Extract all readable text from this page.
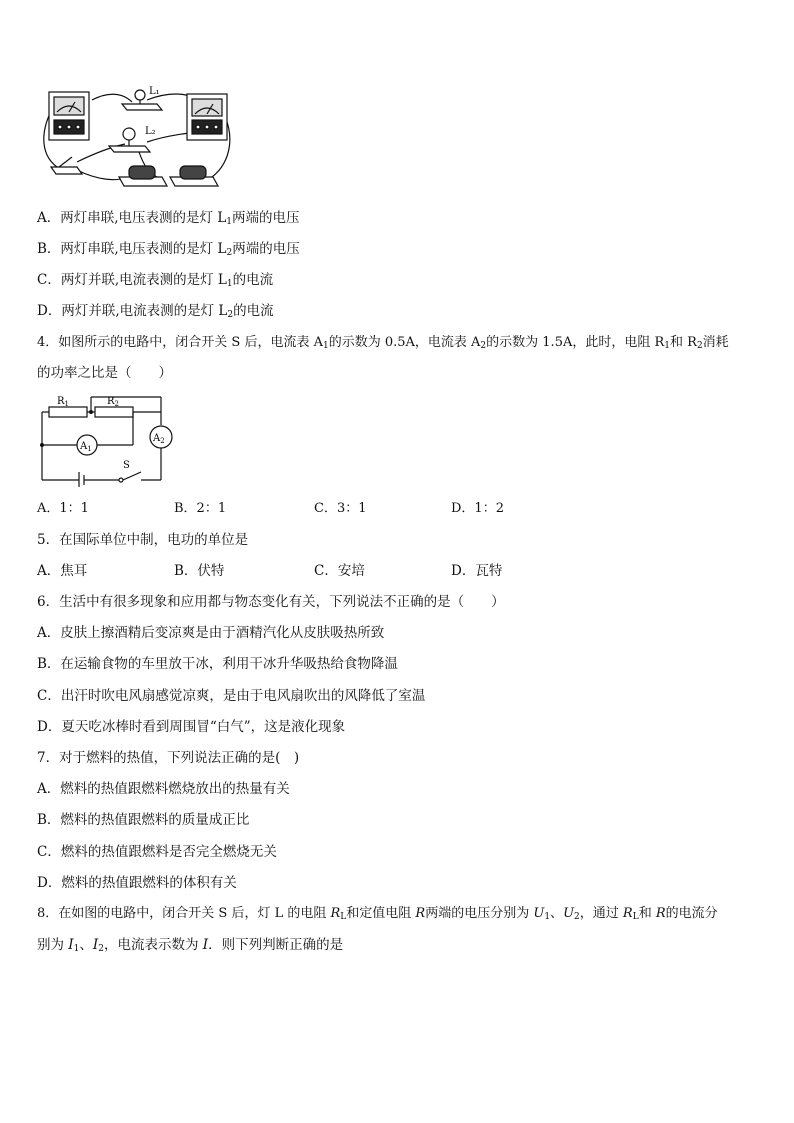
L₁
L₂
A．两灯串联,电压表测的是灯 $L_1$两端的电压
B．两灯串联,电压表测的是灯 $L_2$两端的电压
C．两灯并联,电流表测的是灯 $L_1$的电流
D．两灯并联,电流表测的是灯 $L_2$的电流
4．如图所示的电路中，闭合开关 S 后，电流表 $A_1$的示数为 0.5A，电流表 $A_2$的示数为 1.5A，此时，电阻 $R_1$和 $R_2$消耗
的功率之比是（　　）
$R_1$	$R_2$
$A_1$
$A_2$
S
A．1：1	B．2：1	C．3：1	D．1：2
5．在国际单位中制，电功的单位是
A．焦耳	B．伏特	C．安培	D．瓦特
6．生活中有很多现象和应用都与物态变化有关，下列说法不正确的是（　　）
A．皮肤上擦酒精后变凉爽是由于酒精汽化从皮肤吸热所致
B．在运输食物的车里放干冰，利用干冰升华吸热给食物降温
C．出汗时吹电风扇感觉凉爽，是由于电风扇吹出的风降低了室温
D．夏天吃冰棒时看到周围冒“白气”，这是液化现象
7．对于燃料的热值，下列说法正确的是(　)
A．燃料的热值跟燃料燃烧放出的热量有关
B．燃料的热值跟燃料的质量成正比
C．燃料的热值跟燃料是否完全燃烧无关
D．燃料的热值跟燃料的体积有关
8．在如图的电路中，闭合开关 S 后，灯 L 的电阻 $R_L$和定值电阻 R两端的电压分别为 $U_1$、$U_2$，通过 $R_L$和 R的电流分
别为 $I_1$、$I_2$，电流表示数为 I．则下列判断正确的是
